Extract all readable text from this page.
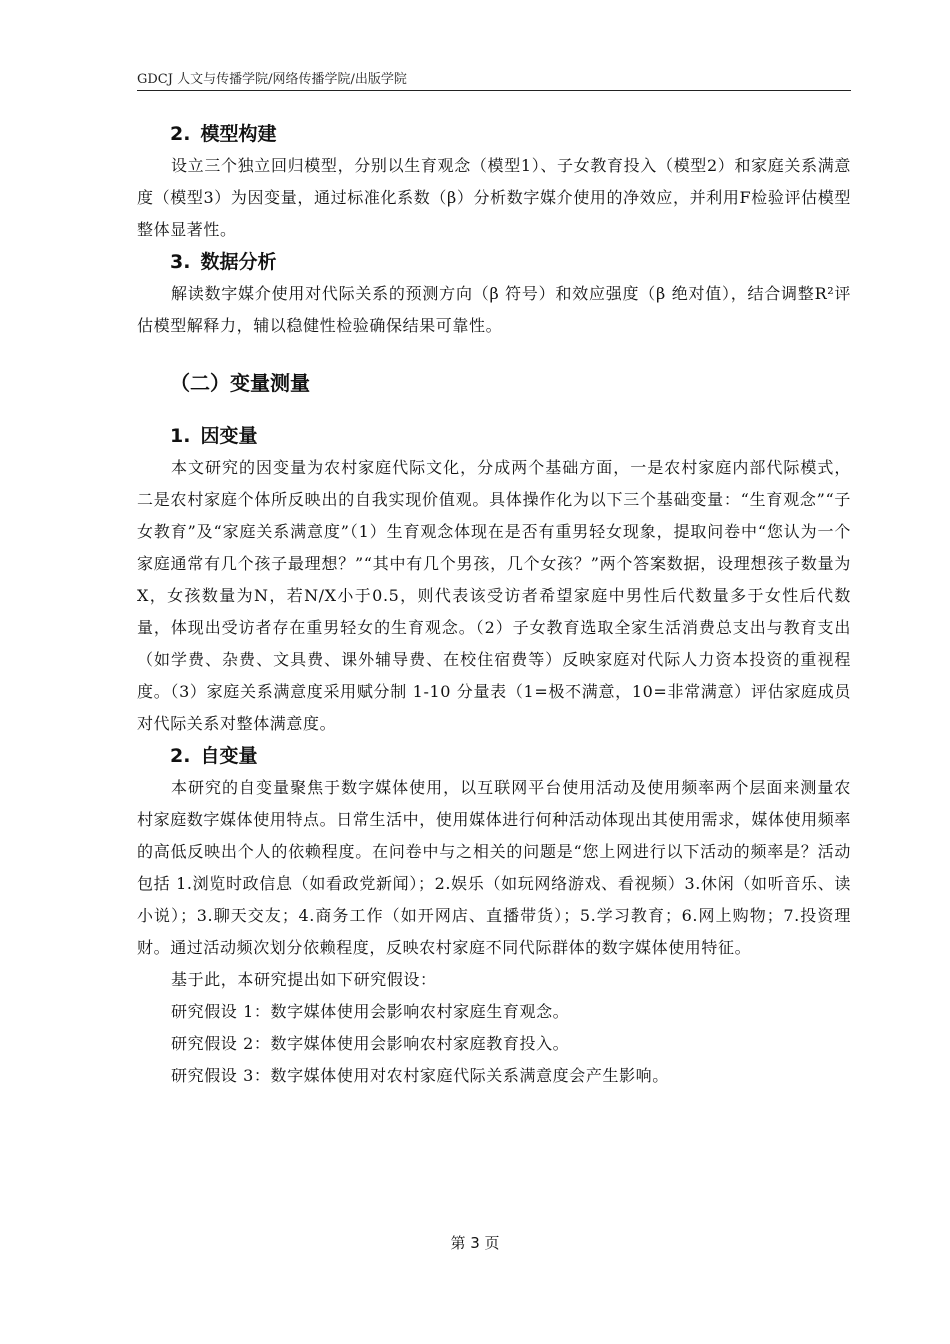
GDCJ 人文与传播学院/网络传播学院/出版学院
2. 模型构建

设立三个独立回归模型，分别以生育观念（模型1）、子女教育投入（模型2）和家庭关系满意度（模型3）为因变量，通过标准化系数（β）分析数字媒介使用的净效应，并利用F检验评估模型整体显著性。

3. 数据分析

解读数字媒介使用对代际关系的预测方向（β 符号）和效应强度（β 绝对值），结合调整R²评估模型解释力，辅以稳健性检验确保结果可靠性。

（二）变量测量
1. 因变量

本文研究的因变量为农村家庭代际文化，分成两个基础方面，一是农村家庭内部代际模式，二是农村家庭个体所反映出的自我实现价值观。具体操作化为以下三个基础变量：“生育观念”“子女教育”及“家庭关系满意度”（1）生育观念体现在是否有重男轻女现象，提取问卷中“您认为一个家庭通常有几个孩子最理想？”“其中有几个男孩，几个女孩？”两个答案数据，设理想孩子数量为X，女孩数量为N，若N/X小于0.5，则代表该受访者希望家庭中男性后代数量多于女性后代数量，体现出受访者存在重男轻女的生育观念。（2）子女教育选取全家生活消费总支出与教育支出（如学费、杂费、文具费、课外辅导费、在校住宿费等）反映家庭对代际人力资本投资的重视程度。（3）家庭关系满意度采用赋分制 1-10 分量表（1=极不满意，10=非常满意）评估家庭成员对代际关系对整体满意度。

2. 自变量

本研究的自变量聚焦于数字媒体使用，以互联网平台使用活动及使用频率两个层面来测量农村家庭数字媒体使用特点。日常生活中，使用媒体进行何种活动体现出其使用需求，媒体使用频率的高低反映出个人的依赖程度。在问卷中与之相关的问题是“您上网进行以下活动的频率是？活动包括 1.浏览时政信息（如看政党新闻）；2.娱乐（如玩网络游戏、看视频）3.休闲（如听音乐、读小说）；3.聊天交友；4.商务工作（如开网店、直播带货）；5.学习教育；6.网上购物；7.投资理财。通过活动频次划分依赖程度，反映农村家庭不同代际群体的数字媒体使用特征。

基于此，本研究提出如下研究假设：

研究假设 1：数字媒体使用会影响农村家庭生育观念。

研究假设 2：数字媒体使用会影响农村家庭教育投入。

研究假设 3：数字媒体使用对农村家庭代际关系满意度会产生影响。

第 3 页
